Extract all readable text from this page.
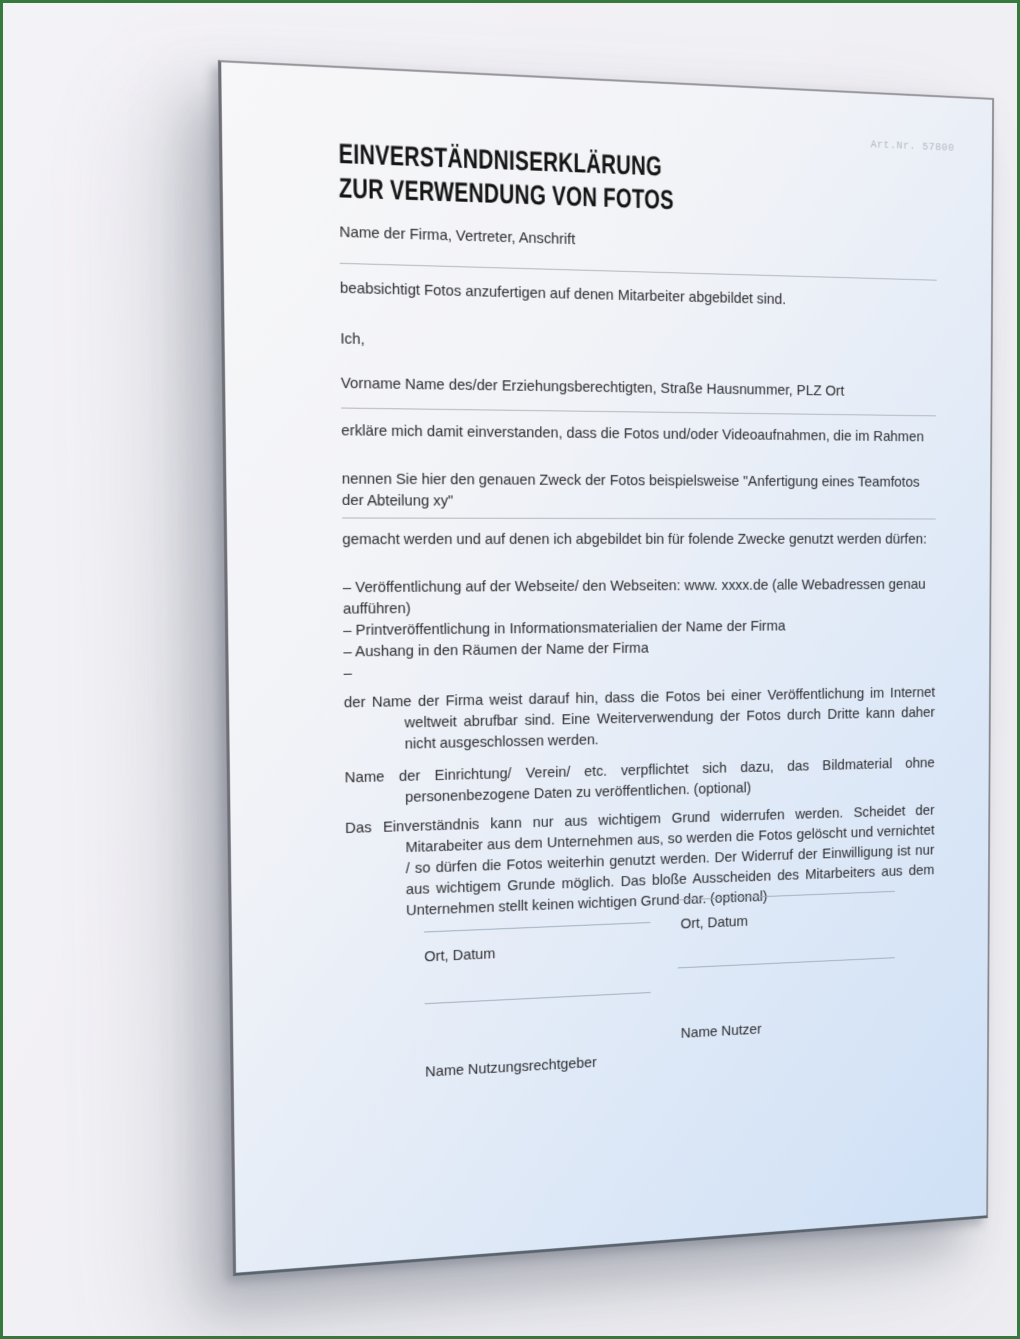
Art.Nr. 57800
EINVERSTÄNDNISERKLÄRUNG
ZUR VERWENDUNG VON FOTOS
Name der Firma, Vertreter, Anschrift

beabsichtigt Fotos anzufertigen auf denen Mitarbeiter abgebildet sind.

Ich,

Vorname Name des/der Erziehungsberechtigten, Straße Hausnummer, PLZ Ort

erkläre mich damit einverstanden, dass die Fotos und/oder Videoaufnahmen, die im Rahmen

nennen Sie hier den genauen Zweck der Fotos beispielsweise "Anfertigung eines Teamfotos der Abteilung xy"

gemacht werden und auf denen ich abgebildet bin für folende Zwecke genutzt werden dürfen:

– Veröffentlichung auf der Webseite/ den Webseiten: www. xxxx.de (alle Webadressen genau aufführen)
– Printveröffentlichung in Informationsmaterialien der Name der Firma
– Aushang in den Räumen der Name der Firma
–

der Name der Firma weist darauf hin, dass die Fotos bei einer Veröffentlichung im Internet weltweit abrufbar sind. Eine Weiterverwendung der Fotos durch Dritte kann daher nicht ausgeschlossen werden.

Name der Einrichtung/ Verein/ etc. verpflichtet sich dazu, das Bildmaterial ohne personenbezogene Daten zu veröffentlichen. (optional)

Das Einverständnis kann nur aus wichtigem Grund widerrufen werden. Scheidet der Mitarabeiter aus dem Unternehmen aus, so werden die Fotos gelöscht und vernichtet / so dürfen die Fotos weiterhin genutzt werden. Der Widerruf der Einwilligung ist nur aus wichtigem Grunde möglich. Das bloße Ausscheiden des Mitarbeiters aus dem Unternehmen stellt keinen wichtigen Grund dar. (optional)

Ort, Datum
Name Nutzungsrechtgeber
Ort, Datum
Name Nutzer
